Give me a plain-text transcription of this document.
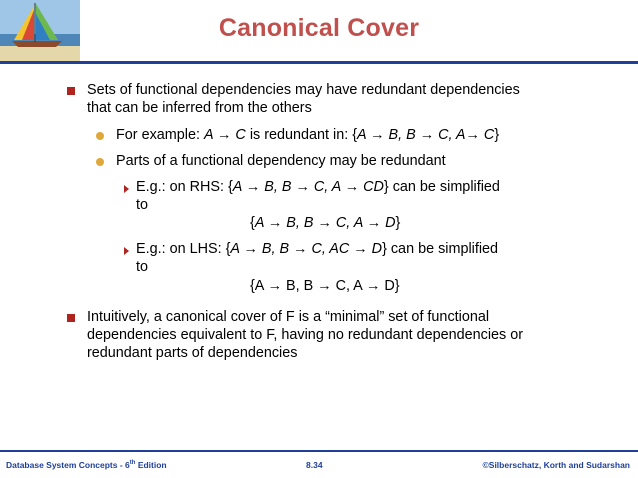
Canonical Cover
Sets of functional dependencies may have redundant dependencies
that can be inferred from the others
For example: A → C is redundant in: {A → B, B → C, A→ C}
Parts of a functional dependency may be redundant
E.g.: on RHS: {A → B, B → C, A → CD} can be simplified
to
{A → B, B → C, A → D}
E.g.: on LHS: {A → B, B → C, AC → D} can be simplified
to
{A → B, B → C, A → D}
Intuitively, a canonical cover of F is a “minimal” set of functional
dependencies equivalent to F, having no redundant dependencies or
redundant parts of dependencies
Database System Concepts - 6th Edition	8.34	©Silberschatz, Korth and Sudarshan
